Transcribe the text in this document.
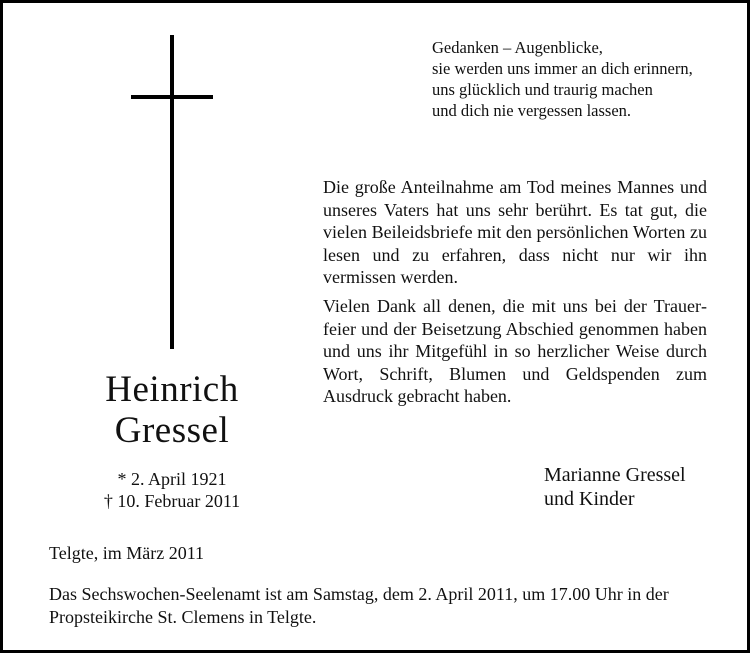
Gedanken – Augenblicke,
sie werden uns immer an dich erinnern,
uns glücklich und traurig machen
und dich nie vergessen lassen.
Die große Anteilnahme am Tod meines Mannes und unseres Vaters hat uns sehr berührt. Es tat gut, die vielen Beileidsbriefe mit den persönlichen Worten zu lesen und zu erfahren, dass nicht nur wir ihn vermissen werden.
Vielen Dank all denen, die mit uns bei der Trauerfeier und der Beisetzung Abschied genommen haben und uns ihr Mitgefühl in so herzlicher Weise durch Wort, Schrift, Blumen und Geldspenden zum Ausdruck gebracht haben.
Heinrich
Gressel
* 2. April 1921
† 10. Februar 2011
Marianne Gressel
und Kinder
Telgte, im März 2011
Das Sechswochen-Seelenamt ist am Samstag, dem 2. April 2011, um 17.00 Uhr in der
Propsteikirche St. Clemens in Telgte.
